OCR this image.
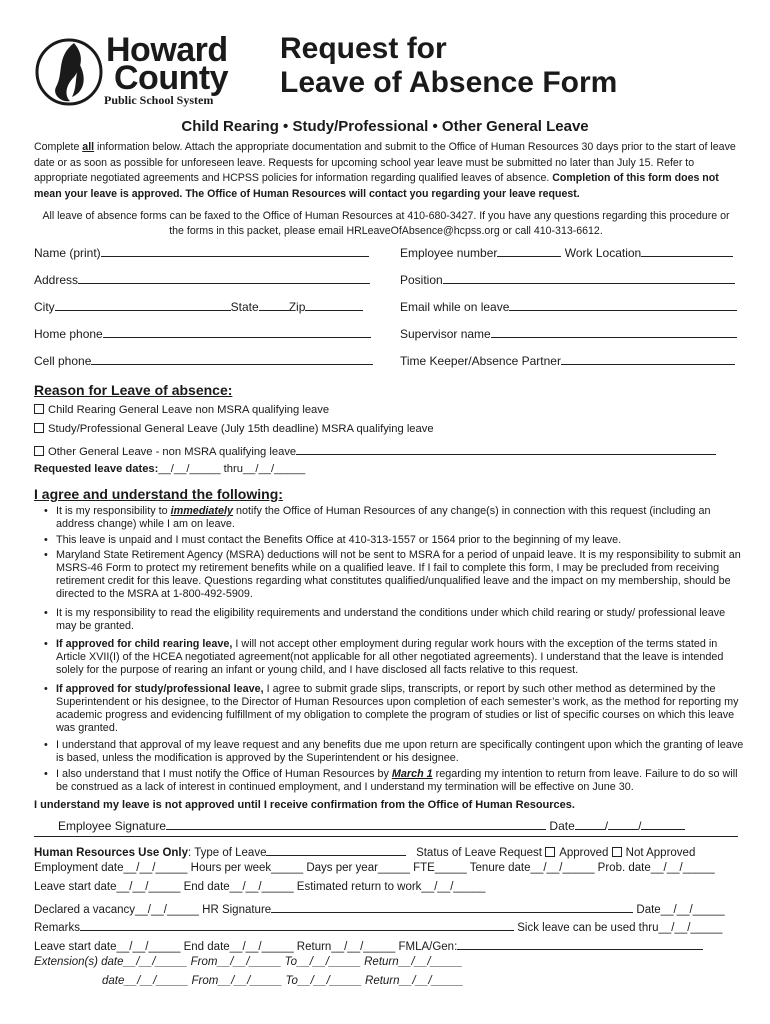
Howard
County
Public School System
Request for
Leave of Absence Form
Child Rearing • Study/Professional • Other General Leave
Complete all information below. Attach the appropriate documentation and submit to the Office of Human Resources 30 days prior to the start of leave date or as soon as possible for unforeseen leave. Requests for upcoming school year leave must be submitted no later than July 15. Refer to appropriate negotiated agreements and HCPSS policies for information regarding qualified leaves of absence. Completion of this form does not mean your leave is approved. The Office of Human Resources will contact you regarding your leave request.
All leave of absence forms can be faxed to the Office of Human Resources at 410-680-3427. If you have any questions regarding this procedure or the forms in this packet, please email HRLeaveOfAbsence@hcpss.org or call 410-313-6612.
Name (print)	Employee number	Work Location
Address	Position
City	State	Zip	Email while on leave
Home phone	Supervisor name
Cell phone	Time Keeper/Absence Partner
Reason for Leave of absence:
Child Rearing General Leave non MSRA qualifying leave
Study/Professional General Leave (July 15th deadline) MSRA qualifying leave
Other General Leave - non MSRA qualifying leave
Requested leave dates:__/__/_____ thru__/__/_____
I agree and understand the following:
• It is my responsibility to immediately notify the Office of Human Resources of any change(s) in connection with this request (including an address change) while I am on leave.
• This leave is unpaid and I must contact the Benefits Office at 410-313-1557 or 1564 prior to the beginning of my leave.
• Maryland State Retirement Agency (MSRA) deductions will not be sent to MSRA for a period of unpaid leave. It is my responsibility to submit an MSRS-46 Form to protect my retirement benefits while on a qualified leave. If I fail to complete this form, I may be precluded from receiving retirement credit for this leave. Questions regarding what constitutes qualified/unqualified leave and the impact on my membership, should be directed to the MSRA at 1-800-492-5909.
• It is my responsibility to read the eligibility requirements and understand the conditions under which child rearing or study/ professional leave may be granted.
• If approved for child rearing leave, I will not accept other employment during regular work hours with the exception of the terms stated in Article XVII(I) of the HCEA negotiated agreement(not applicable for all other negotiated agreements). I understand that the leave is intended solely for the purpose of rearing an infant or young child, and I have disclosed all facts relative to this request.
• If approved for study/professional leave, I agree to submit grade slips, transcripts, or report by such other method as determined by the Superintendent or his designee, to the Director of Human Resources upon completion of each semester’s work, as the method for reporting my academic progress and evidencing fulfillment of my obligation to complete the program of studies or list of specific courses on which this leave was granted.
• I understand that approval of my leave request and any benefits due me upon return are specifically contingent upon which the granting of leave is based, unless the modification is approved by the Superintendent or his designee.
• I also understand that I must notify the Office of Human Resources by March 1 regarding my intention to return from leave. Failure to do so will be construed as a lack of interest in continued employment, and I understand my termination will be effective on June 30.
I understand my leave is not approved until I receive confirmation from the Office of Human Resources.
Employee Signature	Date	/	/
Human Resources Use Only: Type of Leave	Status of Leave Request Approved Not Approved
Employment date__/__/_____ Hours per week_____ Days per year_____ FTE_____ Tenure date__/__/_____ Prob. date__/__/_____
Leave start date__/__/_____ End date__/__/_____ Estimated return to work__/__/_____
Declared a vacancy__/__/_____ HR Signature	Date__/__/_____
Remarks	Sick leave can be used thru__/__/_____
Leave start date__/__/_____ End date__/__/_____ Return__/__/_____ FMLA/Gen:
Extension(s) date__/__/_____ From__/__/_____ To__/__/_____ Return__/__/_____
date__/__/_____ From__/__/_____ To__/__/_____ Return__/__/_____
